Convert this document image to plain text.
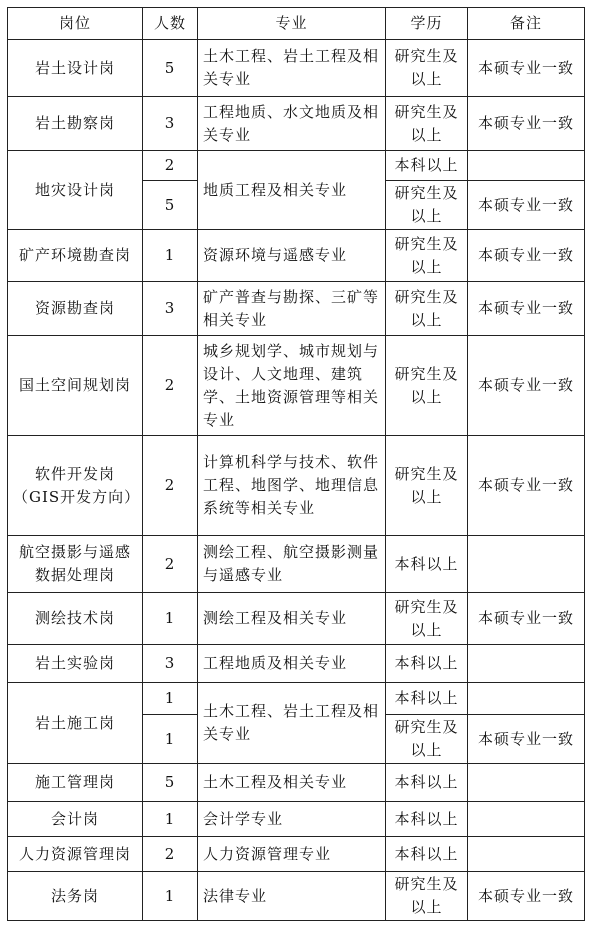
岗位	人数	专业	学历	备注
岩土设计岗	5	土木工程、岩土工程及相关专业	研究生及以上	本硕专业一致
岩土勘察岗	3	工程地质、水文地质及相关专业	研究生及以上	本硕专业一致
地灾设计岗	2	地质工程及相关专业	本科以上	
	5		研究生及以上	本硕专业一致
矿产环境勘查岗	1	资源环境与遥感专业	研究生及以上	本硕专业一致
资源勘查岗	3	矿产普查与勘探、三矿等相关专业	研究生及以上	本硕专业一致
国土空间规划岗	2	城乡规划学、城市规划与设计、人文地理、建筑学、土地资源管理等相关专业	研究生及以上	本硕专业一致
软件开发岗（GIS开发方向）	2	计算机科学与技术、软件工程、地图学、地理信息系统等相关专业	研究生及以上	本硕专业一致
航空摄影与遥感数据处理岗	2	测绘工程、航空摄影测量与遥感专业	本科以上	
测绘技术岗	1	测绘工程及相关专业	研究生及以上	本硕专业一致
岩土实验岗	3	工程地质及相关专业	本科以上	
岩土施工岗	1	土木工程、岩土工程及相关专业	本科以上	
	1		研究生及以上	本硕专业一致
施工管理岗	5	土木工程及相关专业	本科以上	
会计岗	1	会计学专业	本科以上	
人力资源管理岗	2	人力资源管理专业	本科以上	
法务岗	1	法律专业	研究生及以上	本硕专业一致
